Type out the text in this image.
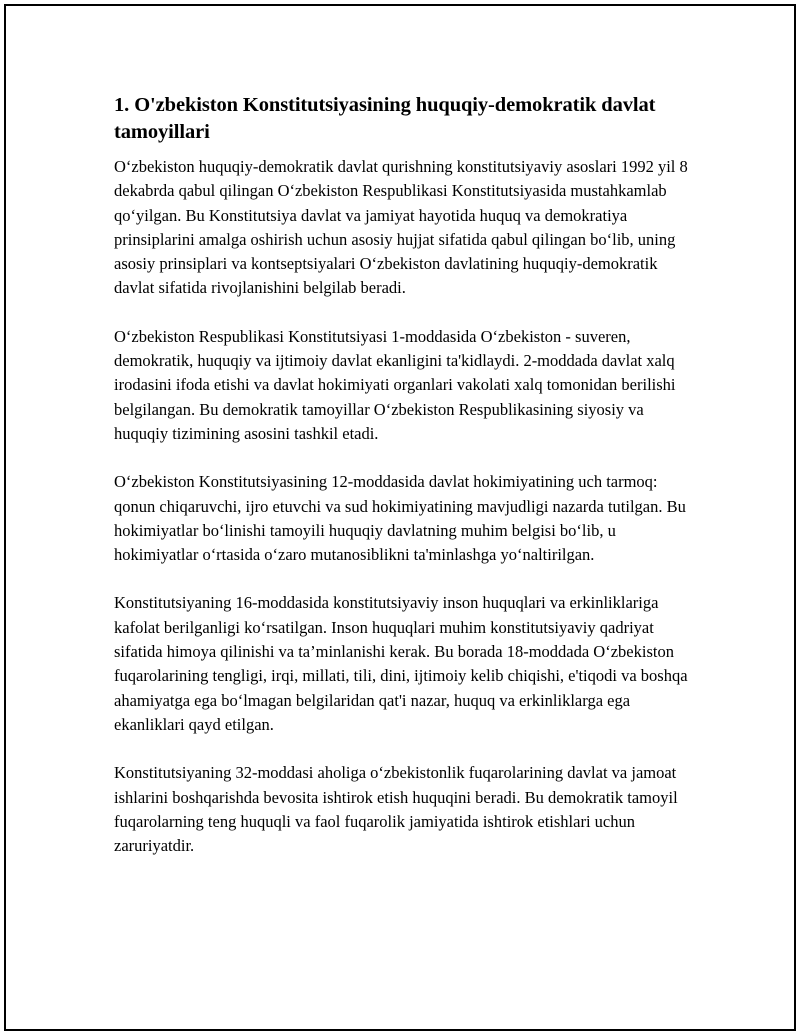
1. O'zbekiston Konstitutsiyasining huquqiy-demokratik davlat tamoyillari

O‘zbekiston huquqiy-demokratik davlat qurishning konstitutsiyaviy asoslari 1992 yil 8 dekabrda qabul qilingan O‘zbekiston Respublikasi Konstitutsiyasida mustahkamlab qo‘yilgan. Bu Konstitutsiya davlat va jamiyat hayotida huquq va demokratiya prinsiplarini amalga oshirish uchun asosiy hujjat sifatida qabul qilingan bo‘lib, uning asosiy prinsiplari va kontseptsiyalari O‘zbekiston davlatining huquqiy-demokratik davlat sifatida rivojlanishini belgilab beradi.

O‘zbekiston Respublikasi Konstitutsiyasi 1-moddasida O‘zbekiston - suveren, demokratik, huquqiy va ijtimoiy davlat ekanligini ta'kidlaydi. 2-moddada davlat xalq irodasini ifoda etishi va davlat hokimiyati organlari vakolati xalq tomonidan berilishi belgilangan. Bu demokratik tamoyillar O‘zbekiston Respublikasining siyosiy va huquqiy tizimining asosini tashkil etadi.

O‘zbekiston Konstitutsiyasining 12-moddasida davlat hokimiyatining uch tarmoq: qonun chiqaruvchi, ijro etuvchi va sud hokimiyatining mavjudligi nazarda tutilgan. Bu hokimiyatlar bo‘linishi tamoyili huquqiy davlatning muhim belgisi bo‘lib, u hokimiyatlar o‘rtasida o‘zaro mutanosiblikni ta'minlashga yo‘naltirilgan.

Konstitutsiyaning 16-moddasida konstitutsiyaviy inson huquqlari va erkinliklariga kafolat berilganligi ko‘rsatilgan. Inson huquqlari muhim konstitutsiyaviy qadriyat sifatida himoya qilinishi va ta’minlanishi kerak. Bu borada 18-moddada O‘zbekiston fuqarolarining tengligi, irqi, millati, tili, dini, ijtimoiy kelib chiqishi, e'tiqodi va boshqa ahamiyatga ega bo‘lmagan belgilaridan qat'i nazar, huquq va erkinliklarga ega ekanliklari qayd etilgan.

Konstitutsiyaning 32-moddasi aholiga o‘zbekistonlik fuqarolarining davlat va jamoat ishlarini boshqarishda bevosita ishtirok etish huquqini beradi. Bu demokratik tamoyil fuqarolarning teng huquqli va faol fuqarolik jamiyatida ishtirok etishlari uchun zaruriyatdir.
